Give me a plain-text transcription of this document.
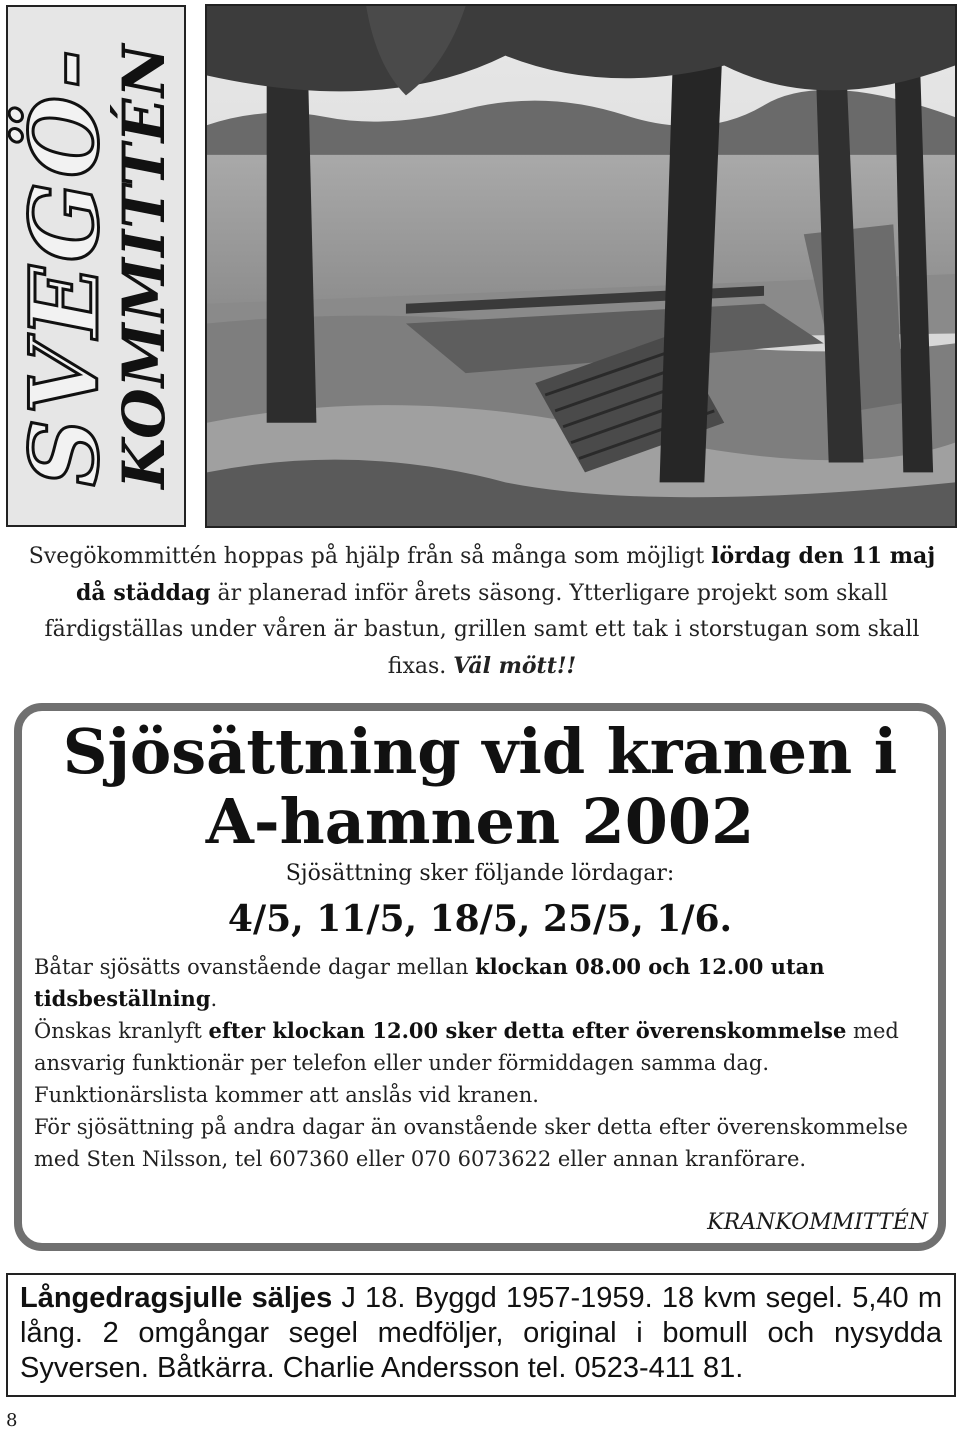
SVEGÖ-
KOMMITTÉN
Svegökommittén hoppas på hjälp från så många som möjligt lördag den 11 maj då städdag är planerad inför årets säsong. Ytterligare projekt som skall färdigställas under våren är bastun, grillen samt ett tak i storstugan som skall fixas. Väl mött!!
Sjösättning vid kranen i
A-hamnen 2002
Sjösättning sker följande lördagar:
4/5, 11/5, 18/5, 25/5, 1/6.
Båtar sjösätts ovanstående dagar mellan klockan 08.00 och 12.00 utan tidsbeställning.
Önskas kranlyft efter klockan 12.00 sker detta efter överenskommelse med ansvarig funktionär per telefon eller under förmiddagen samma dag. Funktionärslista kommer att anslås vid kranen.
För sjösättning på andra dagar än ovanstående sker detta efter överenskommelse med Sten Nilsson, tel 607360 eller 070 6073622 eller annan kranförare.
KRANKOMMITTÉN
Långedragsjulle säljes J 18. Byggd 1957-1959. 18 kvm segel. 5,40 m lång. 2 omgångar segel medföljer, original i bomull och nysydda Syversen. Båtkärra. Charlie Andersson tel. 0523-411 81.
8
